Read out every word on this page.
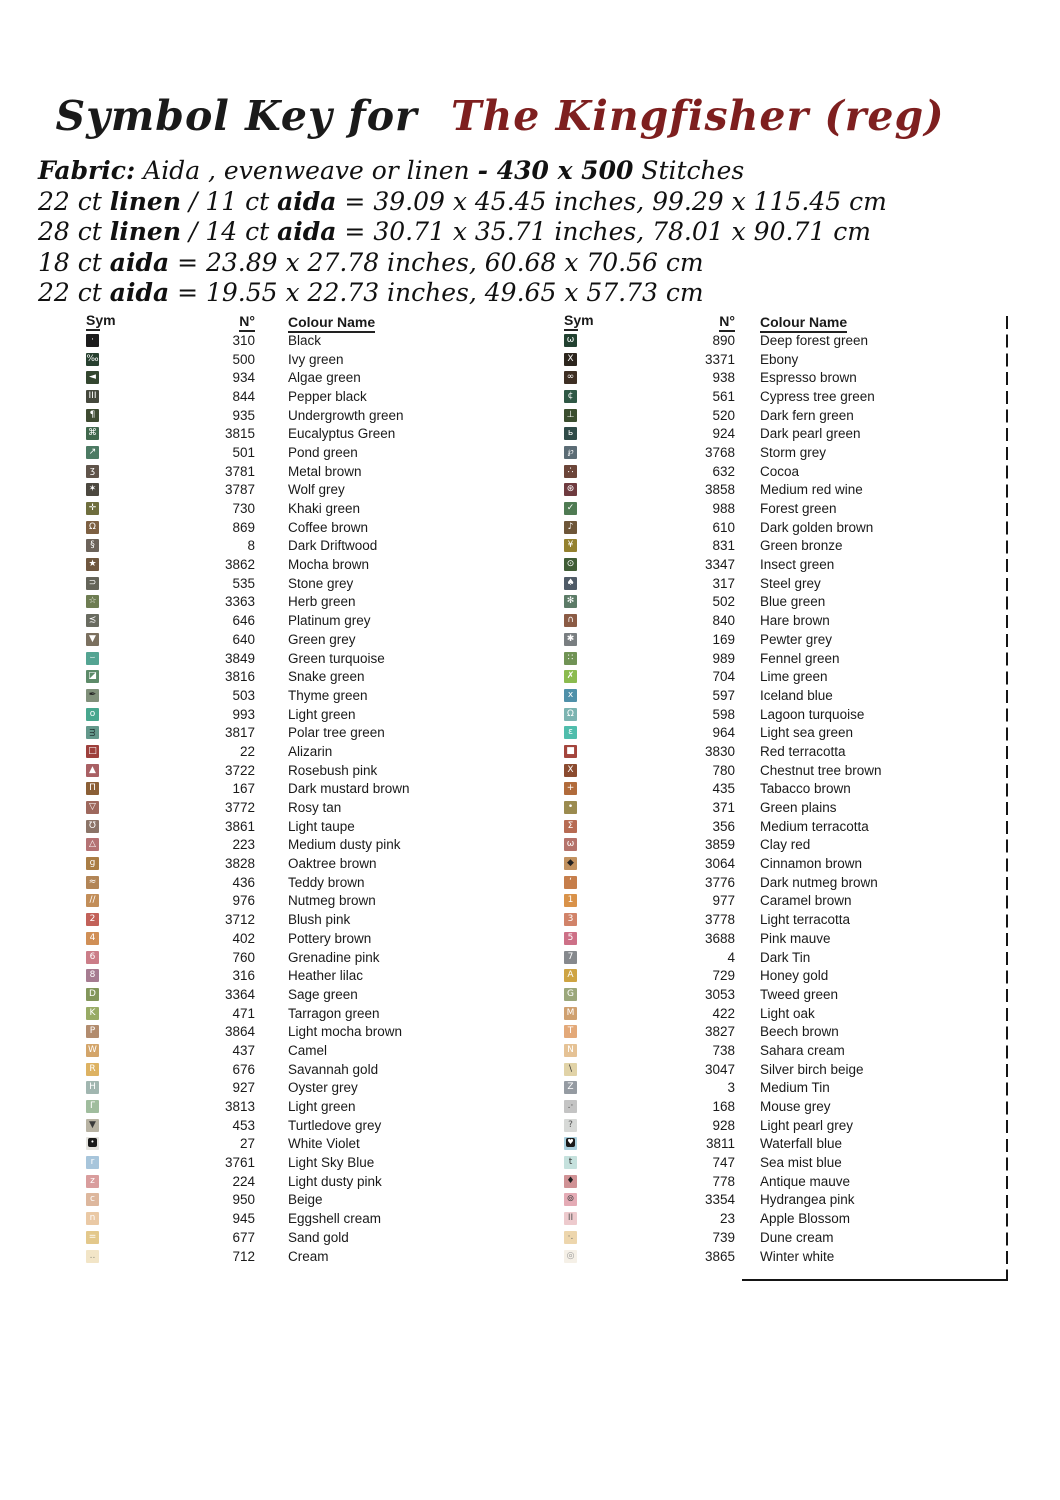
Symbol Key for The Kingfisher (reg)
Fabric: Aida , evenweave or linen - 430 x 500 Stitches
22 ct linen / 11 ct aida = 39.09 x 45.45 inches, 99.29 x 115.45 cm
28 ct linen / 14 ct aida = 30.71 x 35.71 inches, 78.01 x 90.71 cm
18 ct aida = 23.89 x 27.78 inches, 60.68 x 70.56 cm
22 ct aida = 19.55 x 22.73 inches, 49.65 x 57.73 cm
Sym	N° Colour Name
·	310 Black
‰	500 Ivy green
◄	934 Algae green
III	844 Pepper black
¶	935 Undergrowth green
⌘	3815 Eucalyptus Green
↗	501 Pond green
ʒ	3781 Metal brown
✶	3787 Wolf grey
✛	730 Khaki green
Ω	869 Coffee brown
§	8 Dark Driftwood
★	3862 Mocha brown
⊃	535 Stone grey
☆	3363 Herb green
≾	646 Platinum grey
▼	640 Green grey
⌣	3849 Green turquoise
◪	3816 Snake green
✒	503 Thyme green
o	993 Light green
ᴟ	3817 Polar tree green
□	22 Alizarin
▲	3722 Rosebush pink
Π	167 Dark mustard brown
▽	3772 Rosy tan
Ʊ	3861 Light taupe
△	223 Medium dusty pink
g	3828 Oaktree brown
≈	436 Teddy brown
//	976 Nutmeg brown
2	3712 Blush pink
4	402 Pottery brown
6	760 Grenadine pink
8	316 Heather lilac
D	3364 Sage green
K	471 Tarragon green
P	3864 Light mocha brown
W	437 Camel
R	676 Savannah gold
H	927 Oyster grey
Γ	3813 Light green
▼	453 Turtledove grey
•	27 White Violet
r	3761 Light Sky Blue
z	224 Light dusty pink
c	950 Beige
n	945 Eggshell cream
=	677 Sand gold
..	712 Cream
Sym	N° Colour Name
ω	890 Deep forest green
X	3371 Ebony
∞	938 Espresso brown
¢	561 Cypress tree green
⊥	520 Dark fern green
ь	924 Dark pearl green
℘	3768 Storm grey
∴	632 Cocoa
⊛	3858 Medium red wine
✓	988 Forest green
♪	610 Dark golden brown
¥	831 Green bronze
⊙	3347 Insect green
♠	317 Steel grey
✻	502 Blue green
∩	840 Hare brown
✱	169 Pewter grey
∷	989 Fennel green
✗	704 Lime green
x	597 Iceland blue
Ω	598 Lagoon turquoise
ε	964 Light sea green
■	3830 Red terracotta
Χ	780 Chestnut tree brown
+	435 Tabacco brown
•	371 Green plains
Σ	356 Medium terracotta
ω	3859 Clay red
◆	3064 Cinnamon brown
‘	3776 Dark nutmeg brown
1	977 Caramel brown
3	3778 Light terracotta
5	3688 Pink mauve
7	4 Dark Tin
A	729 Honey gold
G	3053 Tweed green
M	422 Light oak
T	3827 Beech brown
N	738 Sahara cream
\	3047 Silver birch beige
Z	3 Medium Tin
.·	168 Mouse grey
?	928 Light pearl grey
♥	3811 Waterfall blue
t	747 Sea mist blue
♦	778 Antique mauve
⊚	3354 Hydrangea pink
II	23 Apple Blossom
·.	739 Dune cream
◎	3865 Winter white
